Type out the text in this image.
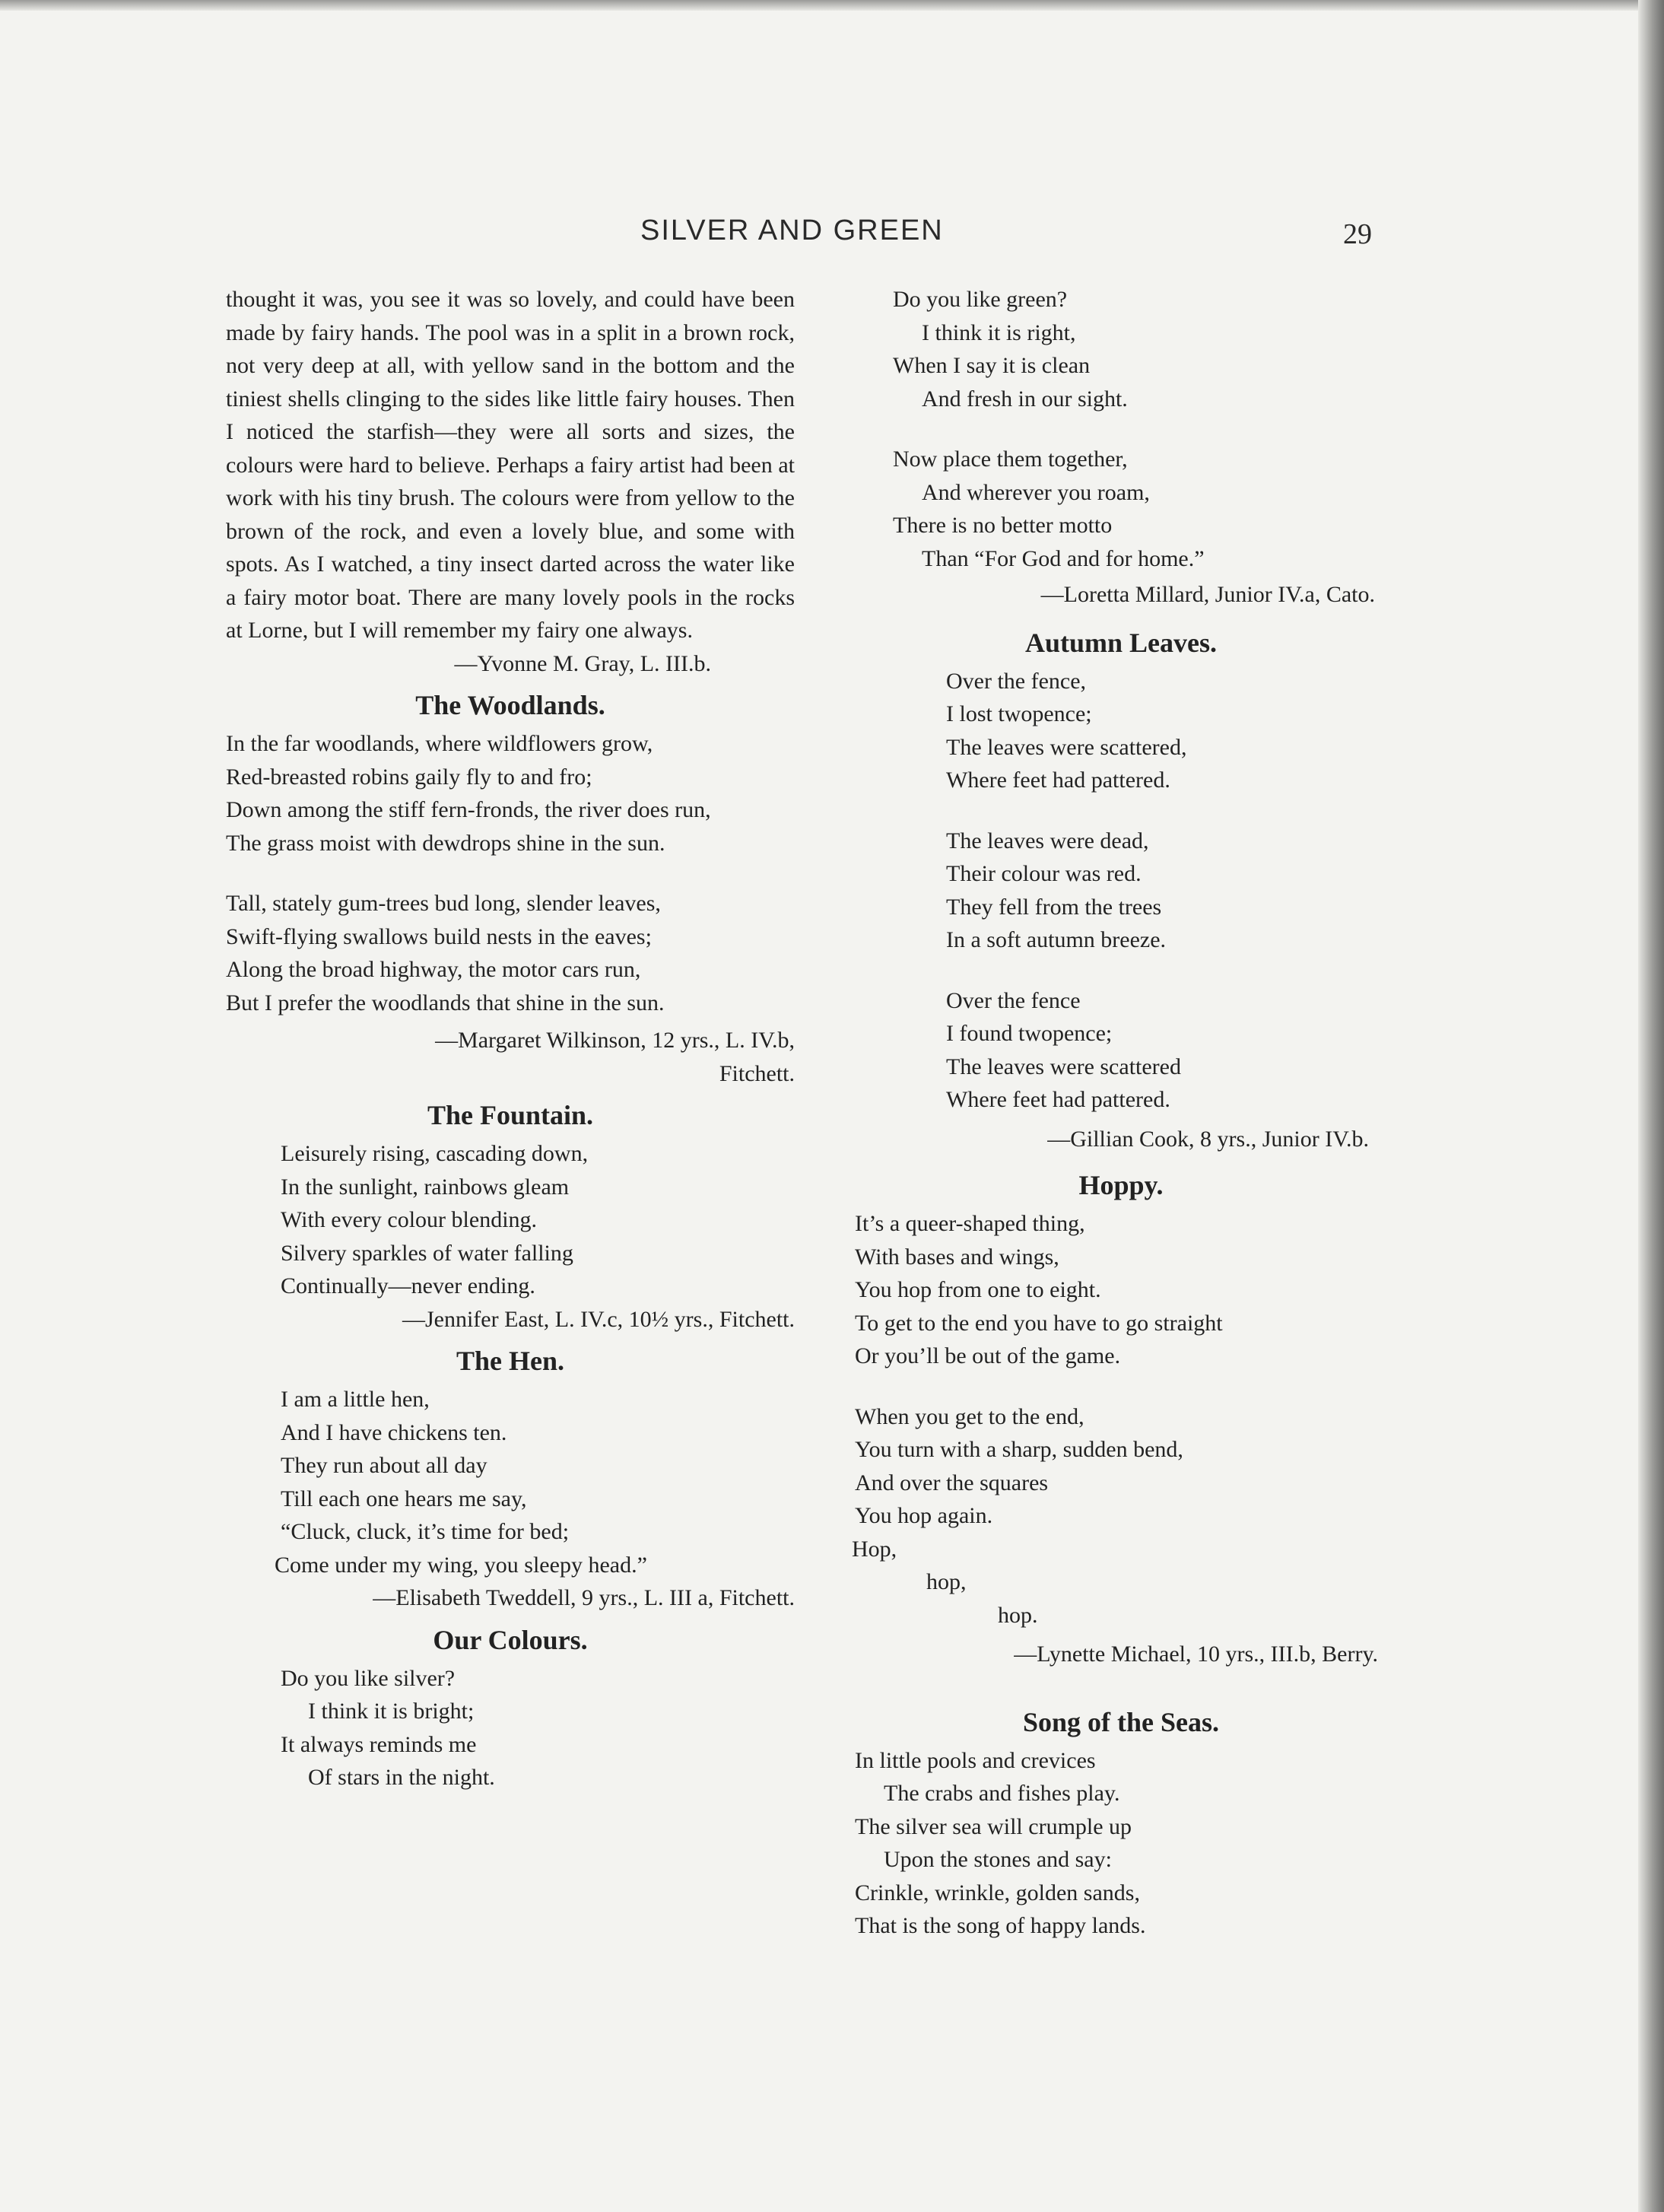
SILVER AND GREEN	29

thought it was, you see it was so lovely, and could have been made by fairy hands. The pool was in a split in a brown rock, not very deep at all, with yellow sand in the bottom and the tiniest shells clinging to the sides like little fairy houses. Then I noticed the starfish—they were all sorts and sizes, the colours were hard to believe. Perhaps a fairy artist had been at work with his tiny brush. The colours were from yellow to the brown of the rock, and even a lovely blue, and some with spots. As I watched, a tiny insect darted across the water like a fairy motor boat. There are many lovely pools in the rocks at Lorne, but I will remember my fairy one always.

—Yvonne M. Gray, L. III.b.

The Woodlands.
In the far woodlands, where wildflowers grow,
Red-breasted robins gaily fly to and fro;
Down among the stiff fern-fronds, the river does run,
The grass moist with dewdrops shine in the sun.
Tall, stately gum-trees bud long, slender leaves,
Swift-flying swallows build nests in the eaves;
Along the broad highway, the motor cars run,
But I prefer the woodlands that shine in the sun.

—Margaret Wilkinson, 12 yrs., L. IV.b,

Fitchett.

The Fountain.
Leisurely rising, cascading down,
In the sunlight, rainbows gleam
With every colour blending.
Silvery sparkles of water falling
Continually—never ending.

—Jennifer East, L. IV.c, 10½ yrs., Fitchett.

The Hen.
I am a little hen,
And I have chickens ten.
They run about all day
Till each one hears me say,
“Cluck, cluck, it’s time for bed;
Come under my wing, you sleepy head.”

—Elisabeth Tweddell, 9 yrs., L. III a, Fitchett.

Our Colours.
Do you like silver?
I think it is bright;
It always reminds me
Of stars in the night.
Do you like green?
I think it is right,
When I say it is clean
And fresh in our sight.
Now place them together,
And wherever you roam,
There is no better motto
Than “For God and for home.”

—Loretta Millard, Junior IV.a, Cato.

Autumn Leaves.
Over the fence,
I lost twopence;
The leaves were scattered,
Where feet had pattered.
The leaves were dead,
Their colour was red.
They fell from the trees
In a soft autumn breeze.
Over the fence
I found twopence;
The leaves were scattered
Where feet had pattered.

—Gillian Cook, 8 yrs., Junior IV.b.

Hoppy.
It’s a queer-shaped thing,
With bases and wings,
You hop from one to eight.
To get to the end you have to go straight
Or you’ll be out of the game.
When you get to the end,
You turn with a sharp, sudden bend,
And over the squares
You hop again.
Hop,
hop,
hop.

—Lynette Michael, 10 yrs., III.b, Berry.

Song of the Seas.
In little pools and crevices
The crabs and fishes play.
The silver sea will crumple up
Upon the stones and say:
Crinkle, wrinkle, golden sands,
That is the song of happy lands.
